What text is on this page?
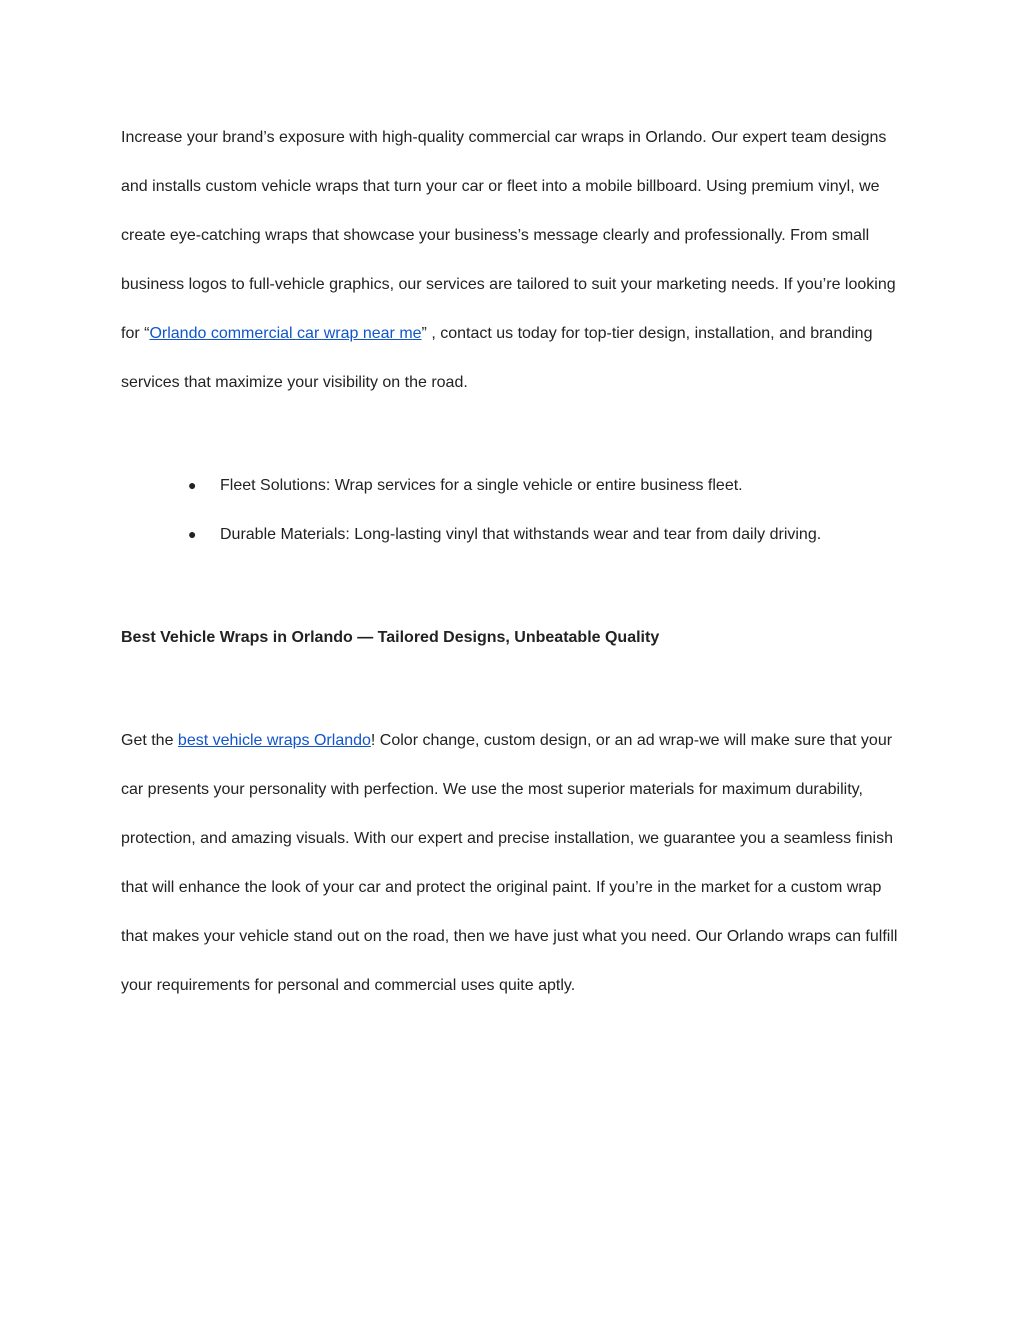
Increase your brand’s exposure with high-quality commercial car wraps in Orlando. Our expert team designs and installs custom vehicle wraps that turn your car or fleet into a mobile billboard. Using premium vinyl, we create eye-catching wraps that showcase your business’s message clearly and professionally. From small business logos to full-vehicle graphics, our services are tailored to suit your marketing needs. If you’re looking for “Orlando commercial car wrap near me” , contact us today for top-tier design, installation, and branding services that maximize your visibility on the road.

● Fleet Solutions: Wrap services for a single vehicle or entire business fleet.
● Durable Materials: Long-lasting vinyl that withstands wear and tear from daily driving.

Best Vehicle Wraps in Orlando — Tailored Designs, Unbeatable Quality

Get the best vehicle wraps Orlando! Color change, custom design, or an ad wrap-we will make sure that your car presents your personality with perfection. We use the most superior materials for maximum durability, protection, and amazing visuals. With our expert and precise installation, we guarantee you a seamless finish that will enhance the look of your car and protect the original paint. If you’re in the market for a custom wrap that makes your vehicle stand out on the road, then we have just what you need. Our Orlando wraps can fulfill your requirements for personal and commercial uses quite aptly.
